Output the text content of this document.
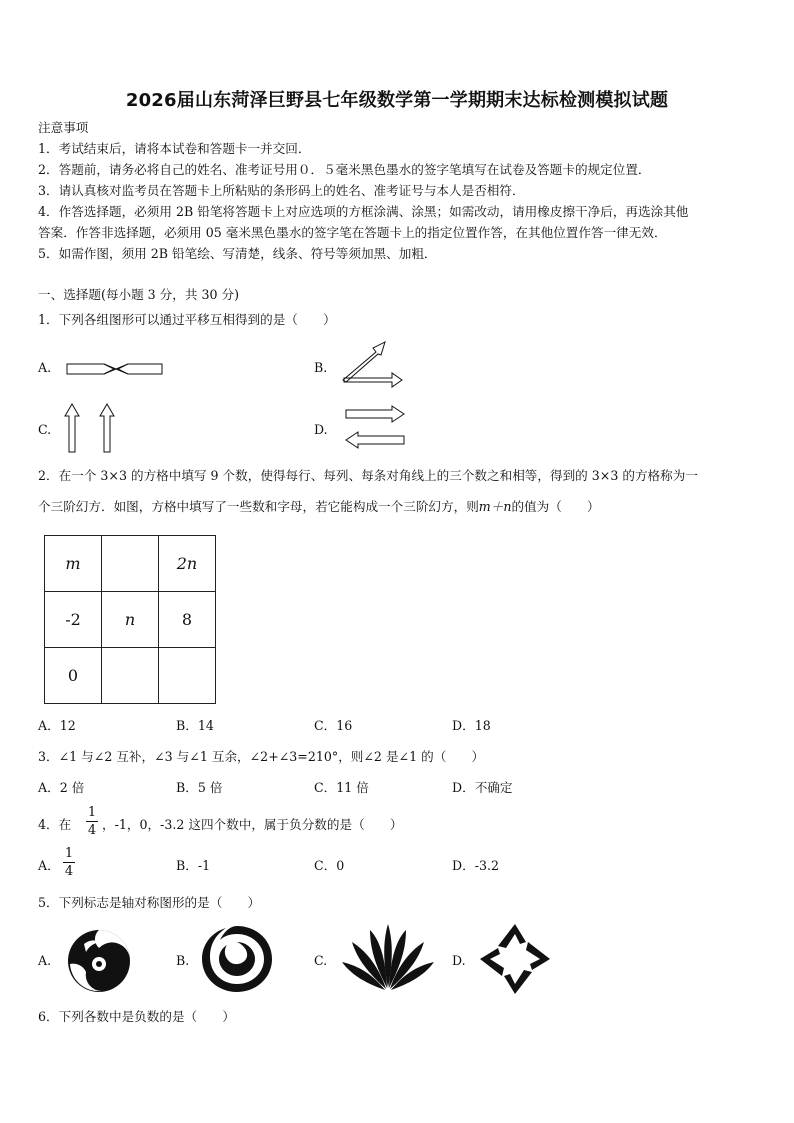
2026届山东菏泽巨野县七年级数学第一学期期末达标检测模拟试题
注意事项
1．考试结束后，请将本试卷和答题卡一并交回．
2．答题前，请务必将自己的姓名、准考证号用０．５毫米黑色墨水的签字笔填写在试卷及答题卡的规定位置．
3．请认真核对监考员在答题卡上所粘贴的条形码上的姓名、准考证号与本人是否相符．
4．作答选择题，必须用 2B 铅笔将答题卡上对应选项的方框涂满、涂黑；如需改动，请用橡皮擦干净后，再选涂其他
答案．作答非选择题，必须用 05 毫米黑色墨水的签字笔在答题卡上的指定位置作答，在其他位置作答一律无效．
5．如需作图，须用 2B 铅笔绘、写清楚，线条、符号等须加黑、加粗．
一、选择题(每小题 3 分，共 30 分)
1．下列各组图形可以通过平移互相得到的是（　　）
A.	B.
C.	D.
2．在一个 3×3 的方格中填写 9 个数，使得每行、每列、每条对角线上的三个数之和相等，得到的 3×3 的方格称为一
个三阶幻方．如图，方格中填写了一些数和字母，若它能构成一个三阶幻方，则m＋n的值为（　　）
m		2n
-2	n	8
0		
A．12	B．14	C．16	D．18
3．∠1 与∠2 互补，∠3 与∠1 互余，∠2+∠3=210°，则∠2 是∠1 的（　　）
A．2 倍	B．5 倍	C．11 倍	D．不确定
4．在
1
4 ，-1，0，-3.2 这四个数中，属于负分数的是（　　）
A．
1
4	B．-1	C．0	D．-3.2
5．下列标志是轴对称图形的是（　　）
A.	B.	C.	D.
6．下列各数中是负数的是（　　）
